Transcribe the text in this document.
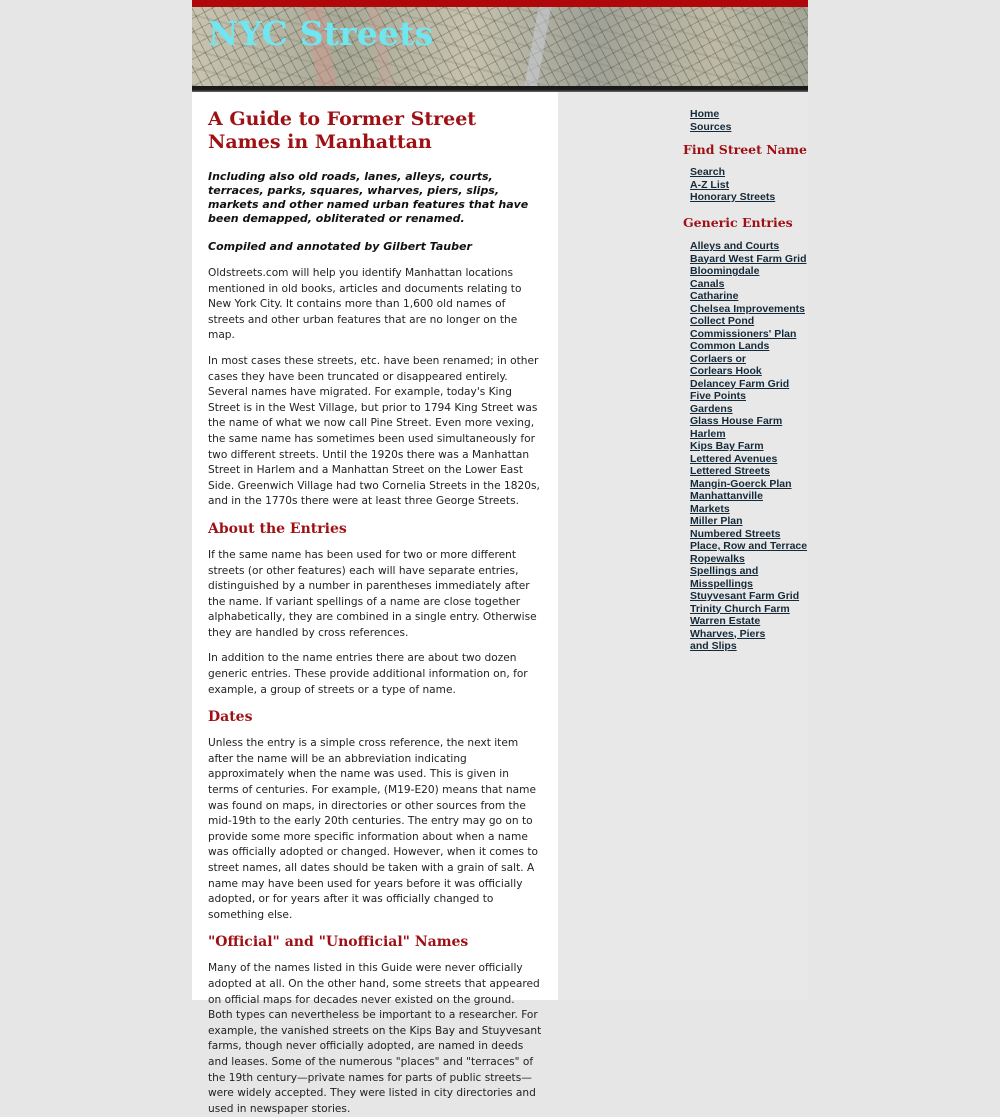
NYC Streets
A Guide to Former Street Names in Manhattan

Including also old roads, lanes, alleys, courts, terraces, parks, squares, wharves, piers, slips, markets and other named urban features that have been demapped, obliterated or renamed.

Compiled and annotated by Gilbert Tauber

Oldstreets.com will help you identify Manhattan locations mentioned in old books, articles and documents relating to New York City. It contains more than 1,600 old names of streets and other urban features that are no longer on the map.

In most cases these streets, etc. have been renamed; in other cases they have been truncated or disappeared entirely. Several names have migrated. For example, today's King Street is in the West Village, but prior to 1794 King Street was the name of what we now call Pine Street. Even more vexing, the same name has sometimes been used simultaneously for two different streets. Until the 1920s there was a Manhattan Street in Harlem and a Manhattan Street on the Lower East Side. Greenwich Village had two Cornelia Streets in the 1820s, and in the 1770s there were at least three George Streets.

About the Entries

If the same name has been used for two or more different streets (or other features) each will have separate entries, distinguished by a number in parentheses immediately after the name. If variant spellings of a name are close together alphabetically, they are combined in a single entry. Otherwise they are handled by cross references.

In addition to the name entries there are about two dozen generic entries. These provide additional information on, for example, a group of streets or a type of name.

Dates

Unless the entry is a simple cross reference, the next item after the name will be an abbreviation indicating approximately when the name was used. This is given in terms of centuries. For example, (M19-E20) means that name was found on maps, in directories or other sources from the mid-19th to the early 20th centuries. The entry may go on to provide some more specific information about when a name was officially adopted or changed. However, when it comes to street names, all dates should be taken with a grain of salt. A name may have been used for years before it was officially adopted, or for years after it was officially changed to something else.

"Official" and "Unofficial" Names

Many of the names listed in this Guide were never officially adopted at all. On the other hand, some streets that appeared on official maps for decades never existed on the ground. Both types can nevertheless be important to a researcher. For example, the vanished streets on the Kips Bay and Stuyvesant farms, though never officially adopted, are named in deeds and leases. Some of the numerous "places" and "terraces" of the 19th century—private names for parts of public streets—were widely accepted. They were listed in city directories and used in newspaper stories.

Home
Sources
Find Street Name
Search
A-Z List
Honorary Streets
Generic Entries
Alleys and Courts
Bayard West Farm Grid
Bloomingdale
Canals
Catharine
Chelsea Improvements
Collect Pond
Commissioners' Plan
Common Lands
Corlaers or Corlears Hook
Delancey Farm Grid
Five Points
Gardens
Glass House Farm
Harlem
Kips Bay Farm
Lettered Avenues
Lettered Streets
Mangin-Goerck Plan
Manhattanville
Markets
Miller Plan
Numbered Streets
Place, Row and Terrace
Ropewalks
Spellings and Misspellings
Stuyvesant Farm Grid
Trinity Church Farm
Warren Estate
Wharves, Piers and Slips
